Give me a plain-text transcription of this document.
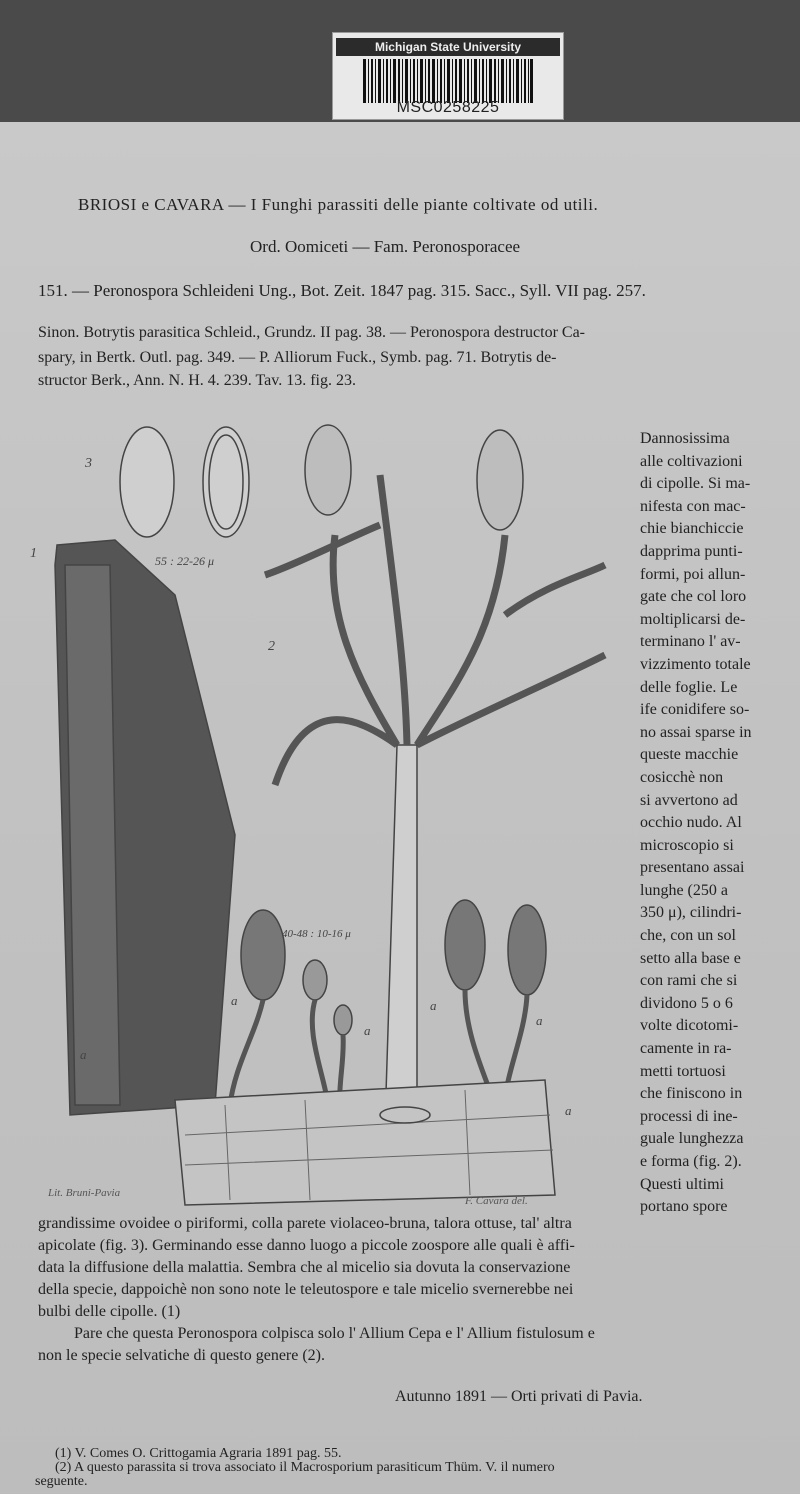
Michigan State University
MSC0258225
BRIOSI e CAVARA — I Funghi parassiti delle piante coltivate od utili.
Ord. Oomiceti — Fam. Peronosporacee
151. — Peronospora Schleideni Ung., Bot. Zeit. 1847 pag. 315. Sacc., Syll. VII pag. 257.
Sinon. Botrytis parasitica Schleid., Grundz. II pag. 38. — Peronospora destructor Ca-
spary, in Bertk. Outl. pag. 349. — P. Alliorum Fuck., Symb. pag. 71. Botrytis de-
structor Berk., Ann. N. H. 4. 239. Tav. 13. fig. 23.
3
1
2
55 : 22-26 μ
40-48 : 10-16 μ
a	a
a
a
a
a
Lit. Bruni-Pavia
F. Cavara del.
Dannosissima
alle coltivazioni
di cipolle. Si ma-
nifesta con mac-
chie bianchiccie
dapprima punti-
formi, poi allun-
gate che col loro
moltiplicarsi de-
terminano l' av-
vizzimento totale
delle foglie. Le
ife conidifere so-
no assai sparse in
queste macchie
cosicchè non
si avvertono ad
occhio nudo. Al
microscopio si
presentano assai
lunghe (250 a
350 μ), cilindri-
che, con un sol
setto alla base e
con rami che si
dividono 5 o 6
volte dicotomi-
camente in ra-
metti tortuosi
che finiscono in
processi di ine-
guale lunghezza
e forma (fig. 2).
Questi ultimi
portano spore
grandissime ovoidee o piriformi, colla parete violaceo-bruna, talora ottuse, tal' altra
apicolate (fig. 3). Germinando esse danno luogo a piccole zoospore alle quali è affi-
data la diffusione della malattia. Sembra che al micelio sia dovuta la conservazione
della specie, dappoichè non sono note le teleutospore e tale micelio svernerebbe nei
bulbi delle cipolle. (1)
Pare che questa Peronospora colpisca solo l' Allium Cepa e l' Allium fistulosum e
non le specie selvatiche di questo genere (2).
Autunno 1891 — Orti privati di Pavia.
(1) V. Comes O. Crittogamia Agraria 1891 pag. 55.
(2) A questo parassita si trova associato il Macrosporium parasiticum Thüm. V. il numero
seguente.
